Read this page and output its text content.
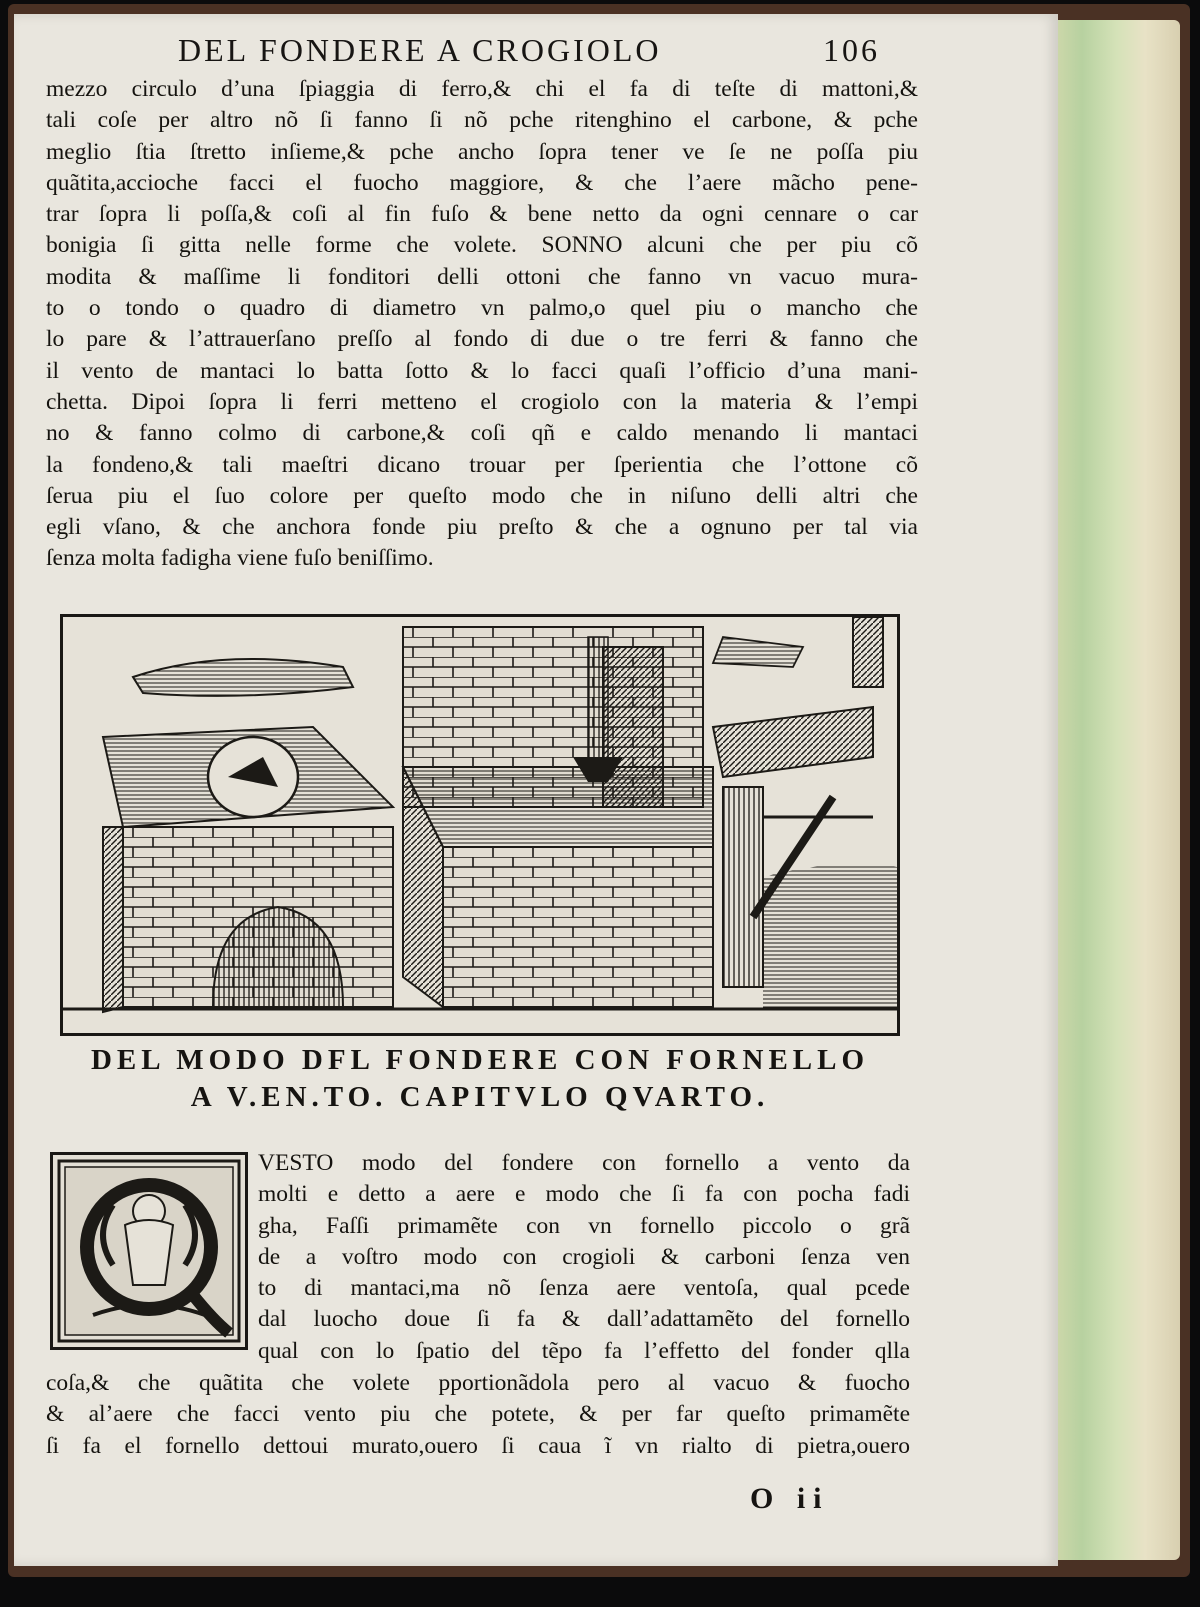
DEL FONDERE A CROGIOLO	106
mezzo circulo d’una ſpiaggia di ferro,& chi el fa di teſte di mattoni,&
tali coſe per altro nõ ſi fanno ſi nõ pche ritenghino el carbone, & pche
meglio ſtia ſtretto inſieme,& pche ancho ſopra tener ve ſe ne poſſa piu
quãtita,accioche facci el fuocho maggiore, & che l’aere mãcho pene-
trar ſopra li poſſa,& coſi al fin fuſo & bene netto da ogni cennare o car
bonigia ſi gitta nelle forme che volete. SONNO alcuni che per piu cõ
modita & maſſime li fonditori delli ottoni che fanno vn vacuo mura-
to o tondo o quadro di diametro vn palmo,o quel piu o mancho che
lo pare & l’attrauerſano preſſo al fondo di due o tre ferri & fanno che
il vento de mantaci lo batta ſotto & lo facci quaſi l’officio d’una mani-
chetta. Dipoi ſopra li ferri metteno el crogiolo con la materia & l’empi
no & fanno colmo di carbone,& coſi qñ e caldo menando li mantaci
la fondeno,& tali maeſtri dicano trouar per ſperientia che l’ottone cõ
ſerua piu el ſuo colore per queſto modo che in niſuno delli altri che
egli vſano, & che anchora fonde piu preſto & che a ognuno per tal via
ſenza molta fadigha viene fuſo beniſſimo.
DEL MODO DFL FONDERE CON FORNELLO
A V.EN.TO. CAPITVLO QVARTO.
VESTO modo del fondere con fornello a vento da
molti e detto a aere e modo che ſi fa con pocha fadi
gha, Faſſi primamẽte con vn fornello piccolo o grã
de a voſtro modo con crogioli & carboni ſenza ven
to di mantaci,ma nõ ſenza aere ventoſa, qual pcede
dal luocho doue ſi fa & dall’adattamẽto del fornello
qual con lo ſpatio del tẽpo fa l’effetto del fonder qlla
coſa,& che quãtita che volete pportionãdola pero al vacuo & fuocho
& al’aere che facci vento piu che potete, & per far queſto primamẽte
ſi fa el fornello dettoui murato,ouero ſi caua ĩ vn rialto di pietra,ouero
O ii
